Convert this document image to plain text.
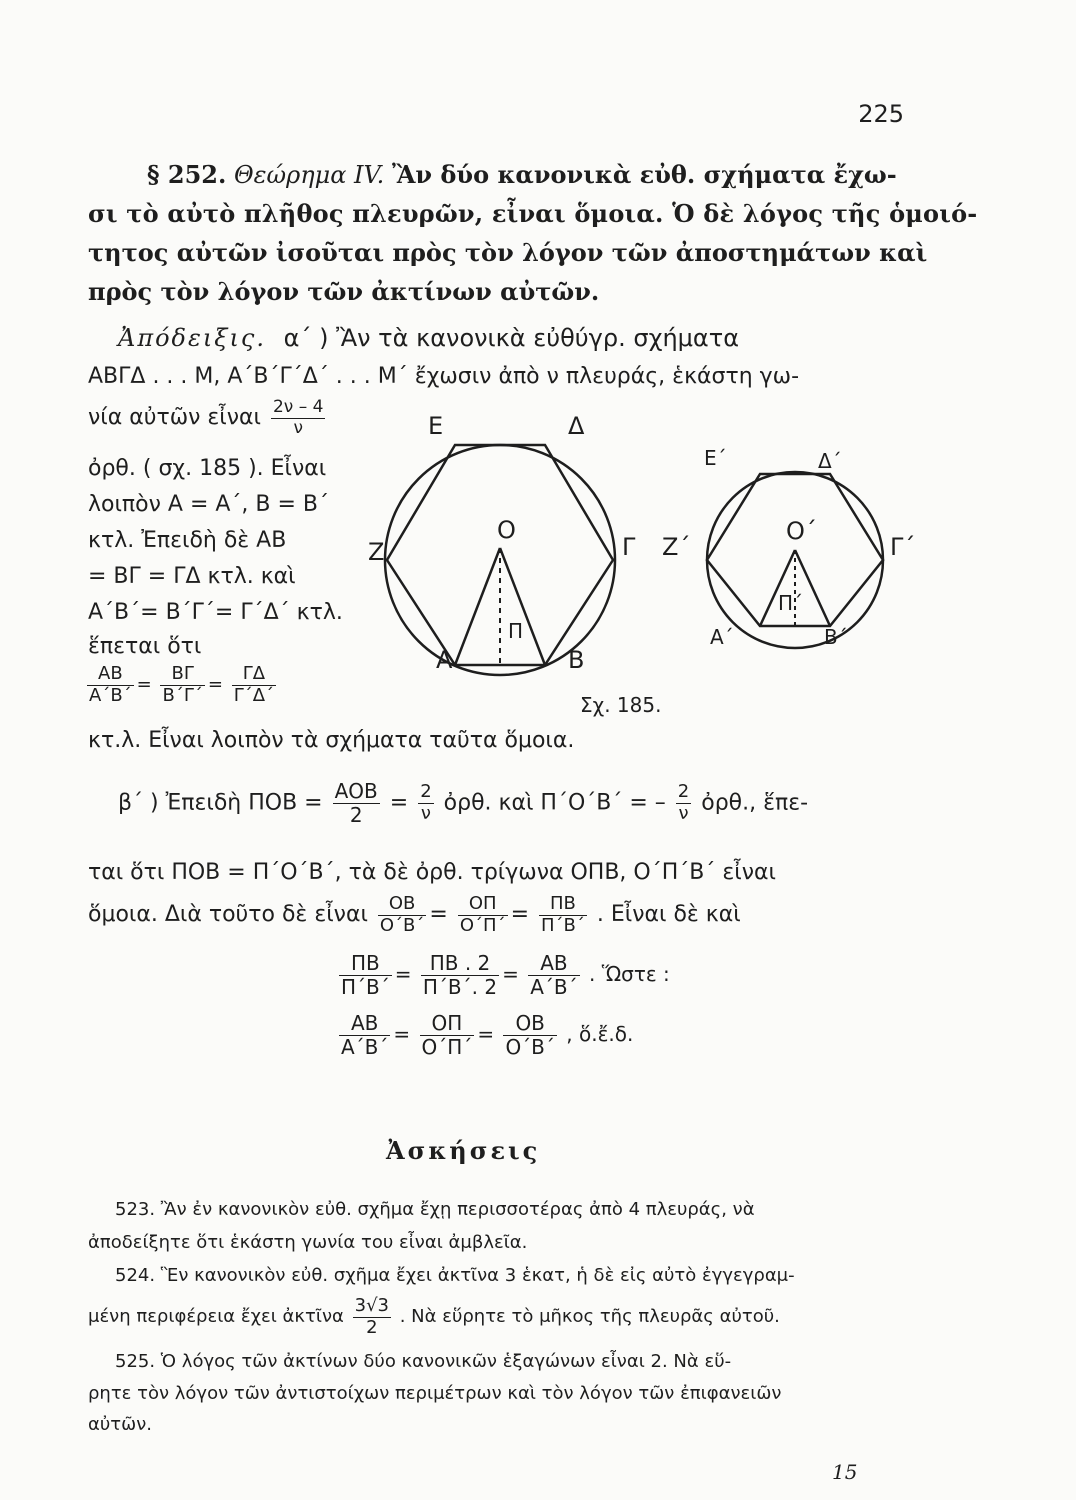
225
§ 252. Θεώρημα IV. Ἂν δύο κανονικὰ εὐθ. σχήματα ἔχω-
σι τὸ αὐτὸ πλῆθος πλευρῶν, εἶναι ὅμοια. Ὁ δὲ λόγος τῆς ὁμοιό-
τητος αὐτῶν ἰσοῦται πρὸς τὸν λόγον τῶν ἀποστημάτων καὶ
πρὸς τὸν λόγον τῶν ἀκτίνων αὐτῶν.
Ἀπόδειξις. α΄ ) Ἂν τὰ κανονικὰ εὐθύγρ. σχήματα
ΑΒΓΔ . . . Μ, Α΄Β΄Γ΄Δ΄ . . . Μ΄ ἔχωσιν ἀπὸ ν πλευράς, ἑκάστη γω-
νία αὐτῶν εἶναι $\frac{2\nu - 4}{\nu}$
ὀρθ. ( σχ. 185 ). Εἶναι
λοιπὸν Α = Α΄, Β = Β΄
κτλ. Ἐπειδὴ δὲ ΑΒ
= ΒΓ = ΓΔ κτλ. καὶ
Α΄Β΄= Β΄Γ΄= Γ΄Δ΄ κτλ.
ἕπεται ὅτι
$\frac{AB}{A΄B΄} = \frac{B\Gamma}{B΄\Gamma΄} = \frac{\Gamma\Delta}{\Gamma΄\Delta΄}$
κτ.λ. Εἶναι λοιπὸν τὰ σχήματα ταῦτα ὅμοια.
β΄ ) Ἐπειδὴ $\Pi OB = \frac{\text{ΑΟΒ}}{2} = \frac{2}{\nu}$ ὀρθ. καὶ Π΄Ο΄Β΄ = – $\frac{2}{\nu}$ ὀρθ., ἕπε-
ται ὅτι ΠΟΒ = Π΄Ο΄Β΄, τὰ δὲ ὀρθ. τρίγωνα ΟΠΒ, Ο΄Π΄Β΄ εἶναι
ὅμοια. Διὰ τοῦτο δὲ εἶναι $\frac{OB}{O΄B΄} = \frac{O\Pi}{O΄\Pi΄} = \frac{\Pi B}{\Pi΄B΄}$ . Εἶναι δὲ καὶ
$\frac{\Pi B}{\Pi΄B΄} = \frac{\Pi B . 2}{\Pi΄B΄. 2} = \frac{AB}{A΄B΄}$ . Ὥστε :
$\frac{AB}{A΄B΄} = \frac{O\Pi}{O΄\Pi΄} = \frac{OB}{O΄B΄}$ , ὅ.ἔ.δ.
Ε	Δ
Ζ	Γ
Ο
Π
Α	Β
Ε΄	Δ΄
Ζ΄	Γ΄
Ο΄
Π΄
Α΄	Β΄
Σχ. 185.
Ἀσκήσεις
523. Ἂν ἐν κανονικὸν εὐθ. σχῆμα ἔχῃ περισσοτέρας ἀπὸ 4 πλευράς, νὰ
ἀποδείξητε ὅτι ἑκάστη γωνία του εἶναι ἀμβλεῖα.
524. Ἓν κανονικὸν εὐθ. σχῆμα ἔχει ἀκτῖνα 3 ἑκατ, ἡ δὲ εἰς αὐτὸ ἐγγεγραμ-
μένη περιφέρεια ἔχει ἀκτῖνα $\frac{3√3}{2}$ . Νὰ εὕρητε τὸ μῆκος τῆς πλευρᾶς αὐτοῦ.
525. Ὁ λόγος τῶν ἀκτίνων δύο κανονικῶν ἑξαγώνων εἶναι 2. Νὰ εὕ-
ρητε τὸν λόγον τῶν ἀντιστοίχων περιμέτρων καὶ τὸν λόγον τῶν ἐπιφανειῶν
αὐτῶν.
15
